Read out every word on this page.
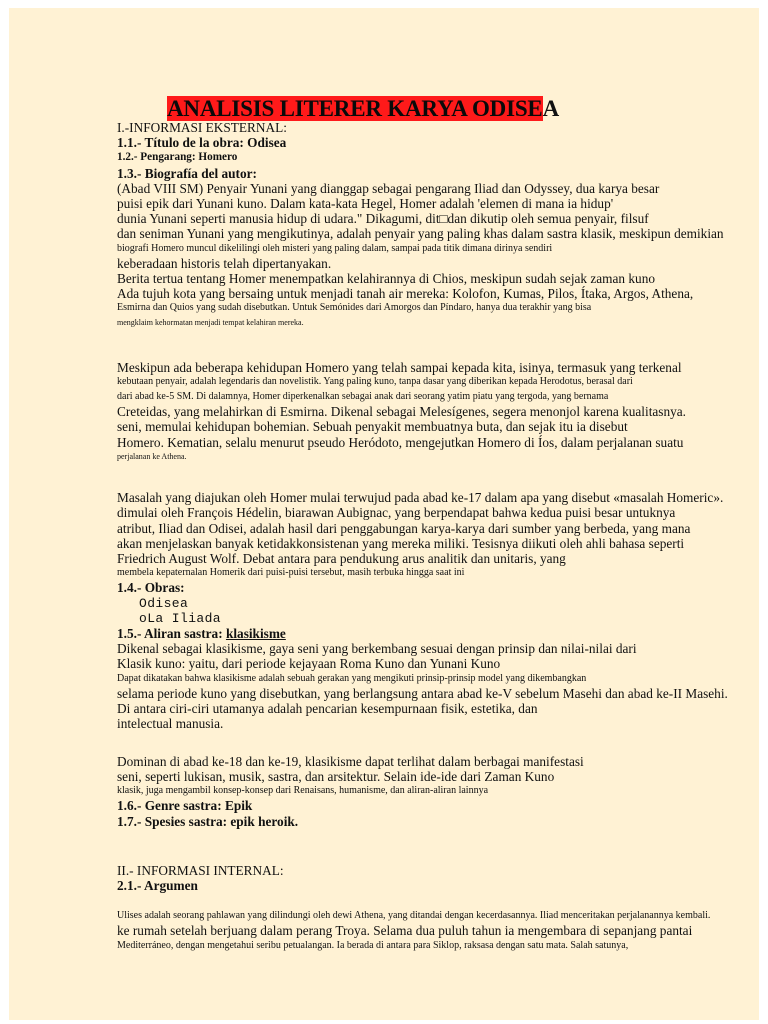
ANALISIS LITERER KARYA ODISEA
I.-INFORMASI EKSTERNAL:
1.1.- Título de la obra: Odisea
1.2.- Pengarang: Homero
1.3.- Biografía del autor:
(Abad VIII SM) Penyair Yunani yang dianggap sebagai pengarang Iliad dan Odyssey, dua karya besar
puisi epik dari Yunani kuno. Dalam kata-kata Hegel, Homer adalah 'elemen di mana ia hidup'
dunia Yunani seperti manusia hidup di udara." Dikagumi, dit□dan dikutip oleh semua penyair, filsuf
dan seniman Yunani yang mengikutinya, adalah penyair yang paling khas dalam sastra klasik, meskipun demikian
biografi Homero muncul dikelilingi oleh misteri yang paling dalam, sampai pada titik dimana dirinya sendiri
keberadaan historis telah dipertanyakan.
Berita tertua tentang Homer menempatkan kelahirannya di Chios, meskipun sudah sejak zaman kuno
Ada tujuh kota yang bersaing untuk menjadi tanah air mereka: Kolofon, Kumas, Pilos, Ítaka, Argos, Athena,
Esmirna dan Quios yang sudah disebutkan. Untuk Semónides dari Amorgos dan Píndaro, hanya dua terakhir yang bisa
mengklaim kehormatan menjadi tempat kelahiran mereka.
Meskipun ada beberapa kehidupan Homero yang telah sampai kepada kita, isinya, termasuk yang terkenal
kebutaan penyair, adalah legendaris dan novelistik. Yang paling kuno, tanpa dasar yang diberikan kepada Herodotus, berasal dari
dari abad ke-5 SM. Di dalamnya, Homer diperkenalkan sebagai anak dari seorang yatim piatu yang tergoda, yang bernama
Creteidas, yang melahirkan di Esmirna. Dikenal sebagai Melesígenes, segera menonjol karena kualitasnya.
seni, memulai kehidupan bohemian. Sebuah penyakit membuatnya buta, dan sejak itu ia disebut
Homero. Kematian, selalu menurut pseudo Heródoto, mengejutkan Homero di Íos, dalam perjalanan suatu
perjalanan ke Athena.
Masalah yang diajukan oleh Homer mulai terwujud pada abad ke-17 dalam apa yang disebut «masalah Homeric».
dimulai oleh François Hédelin, biarawan Aubignac, yang berpendapat bahwa kedua puisi besar untuknya
atribut, Iliad dan Odisei, adalah hasil dari penggabungan karya-karya dari sumber yang berbeda, yang mana
akan menjelaskan banyak ketidakkonsistenan yang mereka miliki. Tesisnya diikuti oleh ahli bahasa seperti
Friedrich August Wolf. Debat antara para pendukung arus analitik dan unitaris, yang
membela kepaternalan Homerik dari puisi-puisi tersebut, masih terbuka hingga saat ini
1.4.- Obras:
Odisea
oLa Iliada
1.5.- Aliran sastra: klasikisme
Dikenal sebagai klasikisme, gaya seni yang berkembang sesuai dengan prinsip dan nilai-nilai dari
Klasik kuno: yaitu, dari periode kejayaan Roma Kuno dan Yunani Kuno
Dapat dikatakan bahwa klasikisme adalah sebuah gerakan yang mengikuti prinsip-prinsip model yang dikembangkan
selama periode kuno yang disebutkan, yang berlangsung antara abad ke-V sebelum Masehi dan abad ke-II Masehi.
Di antara ciri-ciri utamanya adalah pencarian kesempurnaan fisik, estetika, dan
intelectual manusia.
Dominan di abad ke-18 dan ke-19, klasikisme dapat terlihat dalam berbagai manifestasi
seni, seperti lukisan, musik, sastra, dan arsitektur. Selain ide-ide dari Zaman Kuno
klasik, juga mengambil konsep-konsep dari Renaisans, humanisme, dan aliran-aliran lainnya
1.6.- Genre sastra: Epik
1.7.- Spesies sastra: epik heroik.
II.- INFORMASI INTERNAL:
2.1.- Argumen
Ulises adalah seorang pahlawan yang dilindungi oleh dewi Athena, yang ditandai dengan kecerdasannya. Iliad menceritakan perjalanannya kembali.
ke rumah setelah berjuang dalam perang Troya. Selama dua puluh tahun ia mengembara di sepanjang pantai
Mediterráneo, dengan mengetahui seribu petualangan. Ia berada di antara para Siklop, raksasa dengan satu mata. Salah satunya,
